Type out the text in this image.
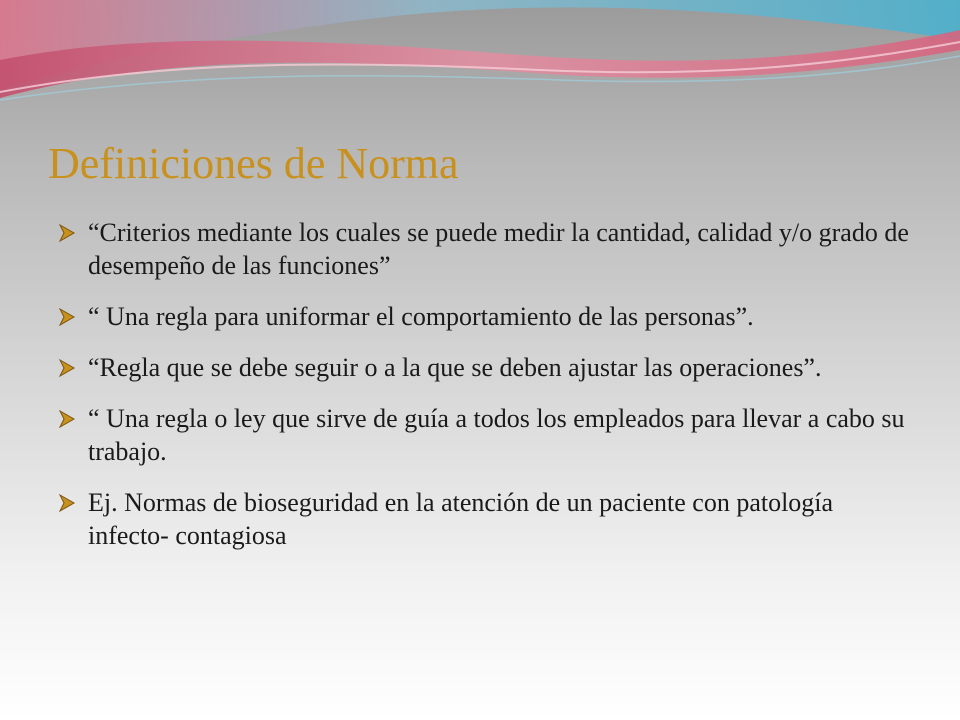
Definiciones de Norma
“Criterios mediante los cuales se puede medir la cantidad, calidad y/o grado de desempeño de las funciones”
“ Una regla para uniformar el comportamiento de las personas”.
“Regla que se debe seguir o a la que se deben ajustar las operaciones”.
“ Una regla o ley que sirve de guía a todos los empleados para llevar a cabo su trabajo.
Ej. Normas de bioseguridad en la atención de un paciente con patología infecto- contagiosa
